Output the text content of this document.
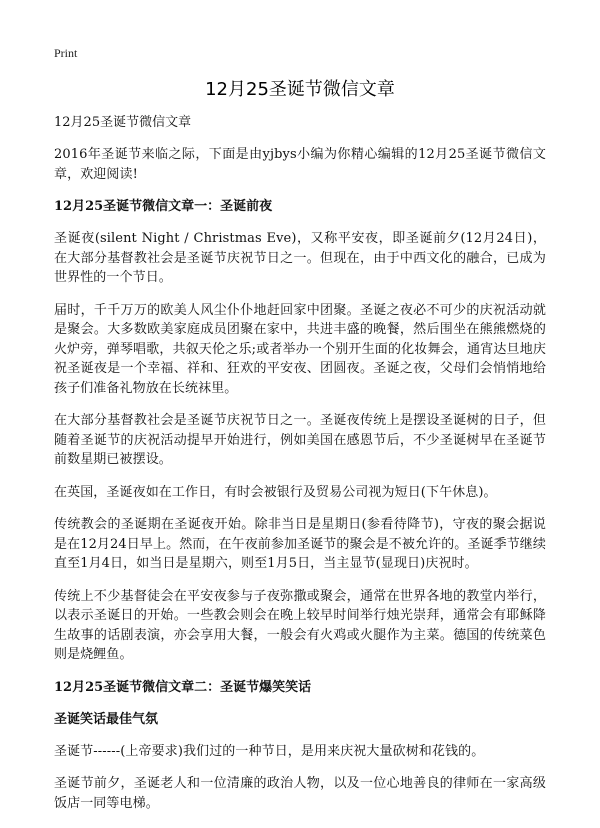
Print
12月25圣诞节微信文章
12月25圣诞节微信文章

2016年圣诞节来临之际，下面是由yjbys小编为你精心编辑的12月25圣诞节微信文章，欢迎阅读!

12月25圣诞节微信文章一：圣诞前夜

圣诞夜(silent Night / Christmas Eve)，又称平安夜，即圣诞前夕(12月24日)，在大部分基督教社会是圣诞节庆祝节日之一。但现在，由于中西文化的融合，已成为世界性的一个节日。

届时，千千万万的欧美人风尘仆仆地赶回家中团聚。圣诞之夜必不可少的庆祝活动就是聚会。大多数欧美家庭成员团聚在家中，共进丰盛的晚餐，然后围坐在熊熊燃烧的火炉旁，弹琴唱歌，共叙天伦之乐;或者举办一个别开生面的化妆舞会，通宵达旦地庆祝圣诞夜是一个幸福、祥和、狂欢的平安夜、团圆夜。圣诞之夜，父母们会悄悄地给孩子们准备礼物放在长统袜里。

在大部分基督教社会是圣诞节庆祝节日之一。圣诞夜传统上是摆设圣诞树的日子，但随着圣诞节的庆祝活动提早开始进行，例如美国在感恩节后，不少圣诞树早在圣诞节前数星期已被摆设。

在英国，圣诞夜如在工作日，有时会被银行及贸易公司视为短日(下午休息)。

传统教会的圣诞期在圣诞夜开始。除非当日是星期日(参看待降节)，守夜的聚会据说是在12月24日早上。然而，在午夜前参加圣诞节的聚会是不被允许的。圣诞季节继续直至1月4日，如当日是星期六，则至1月5日，当主显节(显现日)庆祝时。

传统上不少基督徒会在平安夜参与子夜弥撒或聚会，通常在世界各地的教堂内举行，以表示圣诞日的开始。一些教会则会在晚上较早时间举行烛光崇拜，通常会有耶稣降生故事的话剧表演，亦会享用大餐，一般会有火鸡或火腿作为主菜。德国的传统菜色则是烧鲤鱼。

12月25圣诞节微信文章二：圣诞节爆笑笑话
圣诞笑话最佳气氛

圣诞节------(上帝要求)我们过的一种节日，是用来庆祝大量砍树和花钱的。

圣诞节前夕，圣诞老人和一位清廉的政治人物，以及一位心地善良的律师在一家高级饭店一同等电梯。
